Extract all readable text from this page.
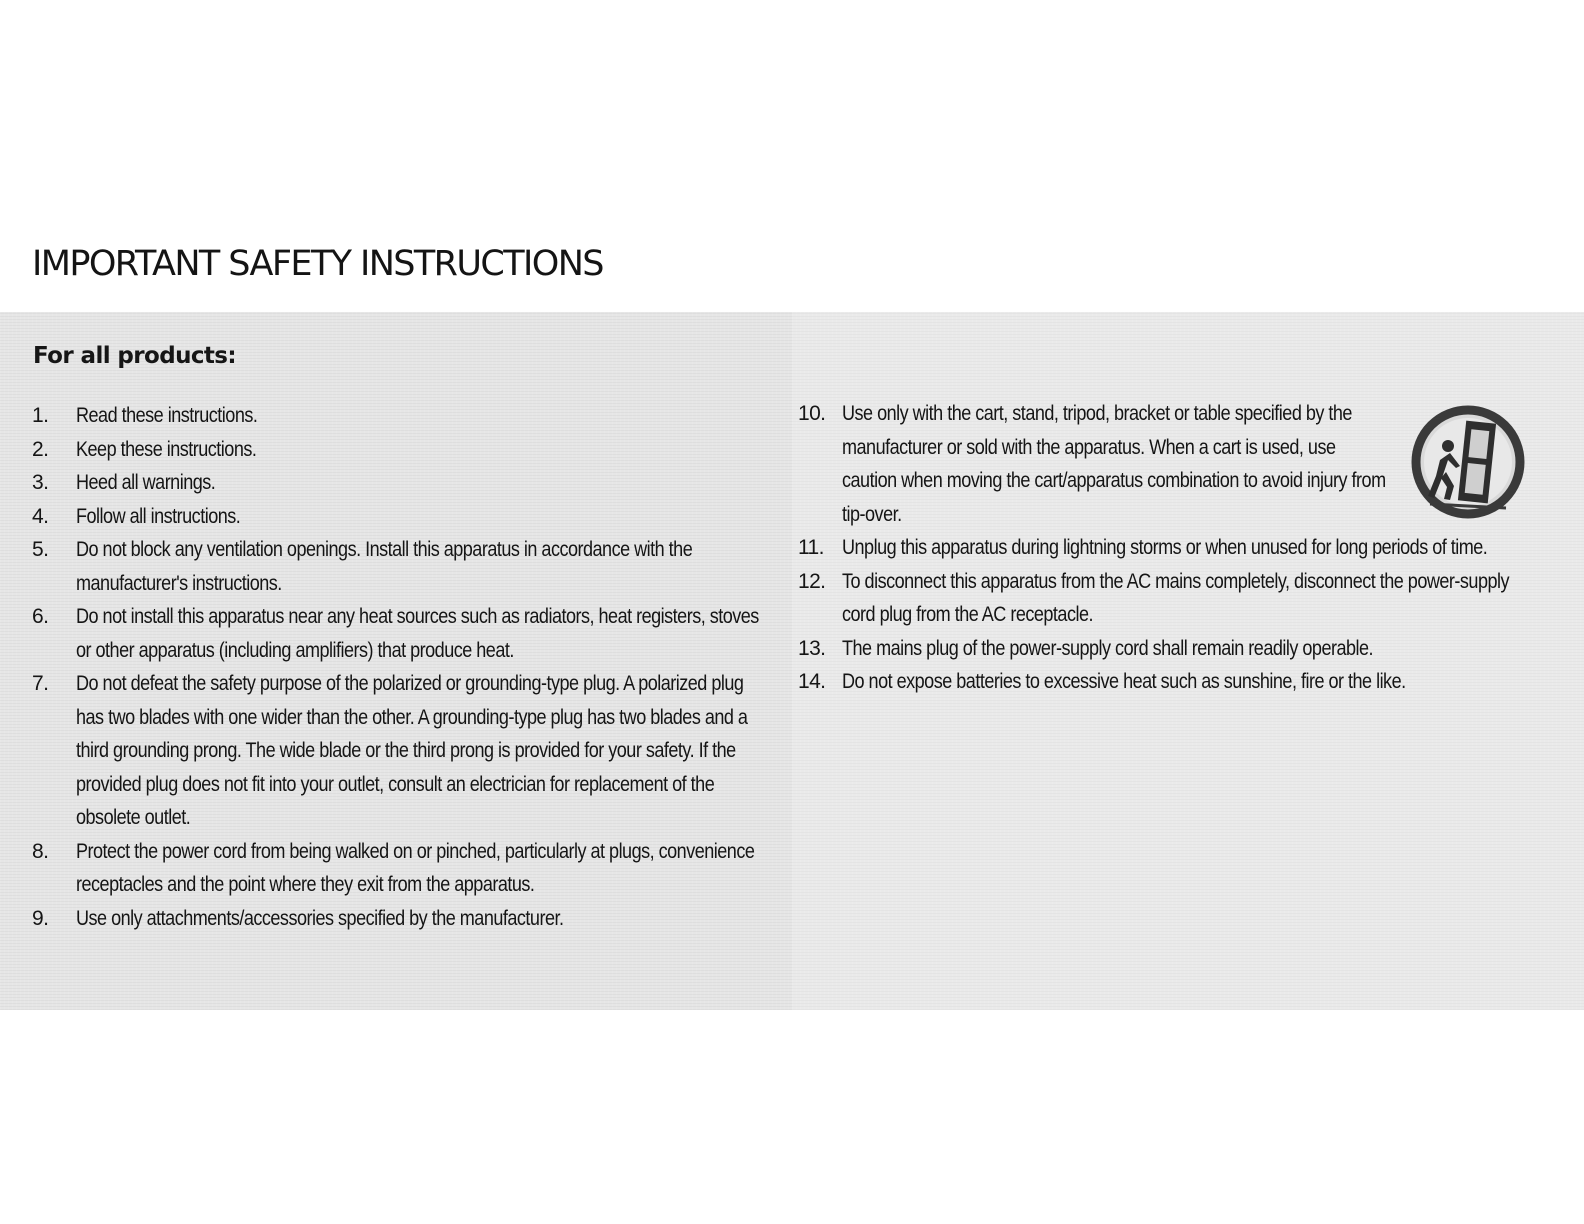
IMPORTANT SAFETY INSTRUCTIONS
For all products:
1. Read these instructions.
2. Keep these instructions.
3. Heed all warnings.
4. Follow all instructions.
5. Do not block any ventilation openings. Install this apparatus in accordance with the manufacturer's instructions.
6. Do not install this apparatus near any heat sources such as radiators, heat registers, stoves or other apparatus (including amplifiers) that produce heat.
7. Do not defeat the safety purpose of the polarized or grounding-type plug. A polarized plug has two blades with one wider than the other. A grounding-type plug has two blades and a third grounding prong. The wide blade or the third prong is provided for your safety. If the provided plug does not fit into your outlet, consult an electrician for replacement of the obsolete outlet.
8. Protect the power cord from being walked on or pinched, particularly at plugs, convenience receptacles and the point where they exit from the apparatus.
9. Use only attachments/accessories specified by the manufacturer.
10. Use only with the cart, stand, tripod, bracket or table specified by the manufacturer or sold with the apparatus. When a cart is used, use caution when moving the cart/apparatus combination to avoid injury from tip-over.
11. Unplug this apparatus during lightning storms or when unused for long periods of time.
12. To disconnect this apparatus from the AC mains completely, disconnect the power-supply cord plug from the AC receptacle.
13. The mains plug of the power-supply cord shall remain readily operable.
14. Do not expose batteries to excessive heat such as sunshine, fire or the like.
